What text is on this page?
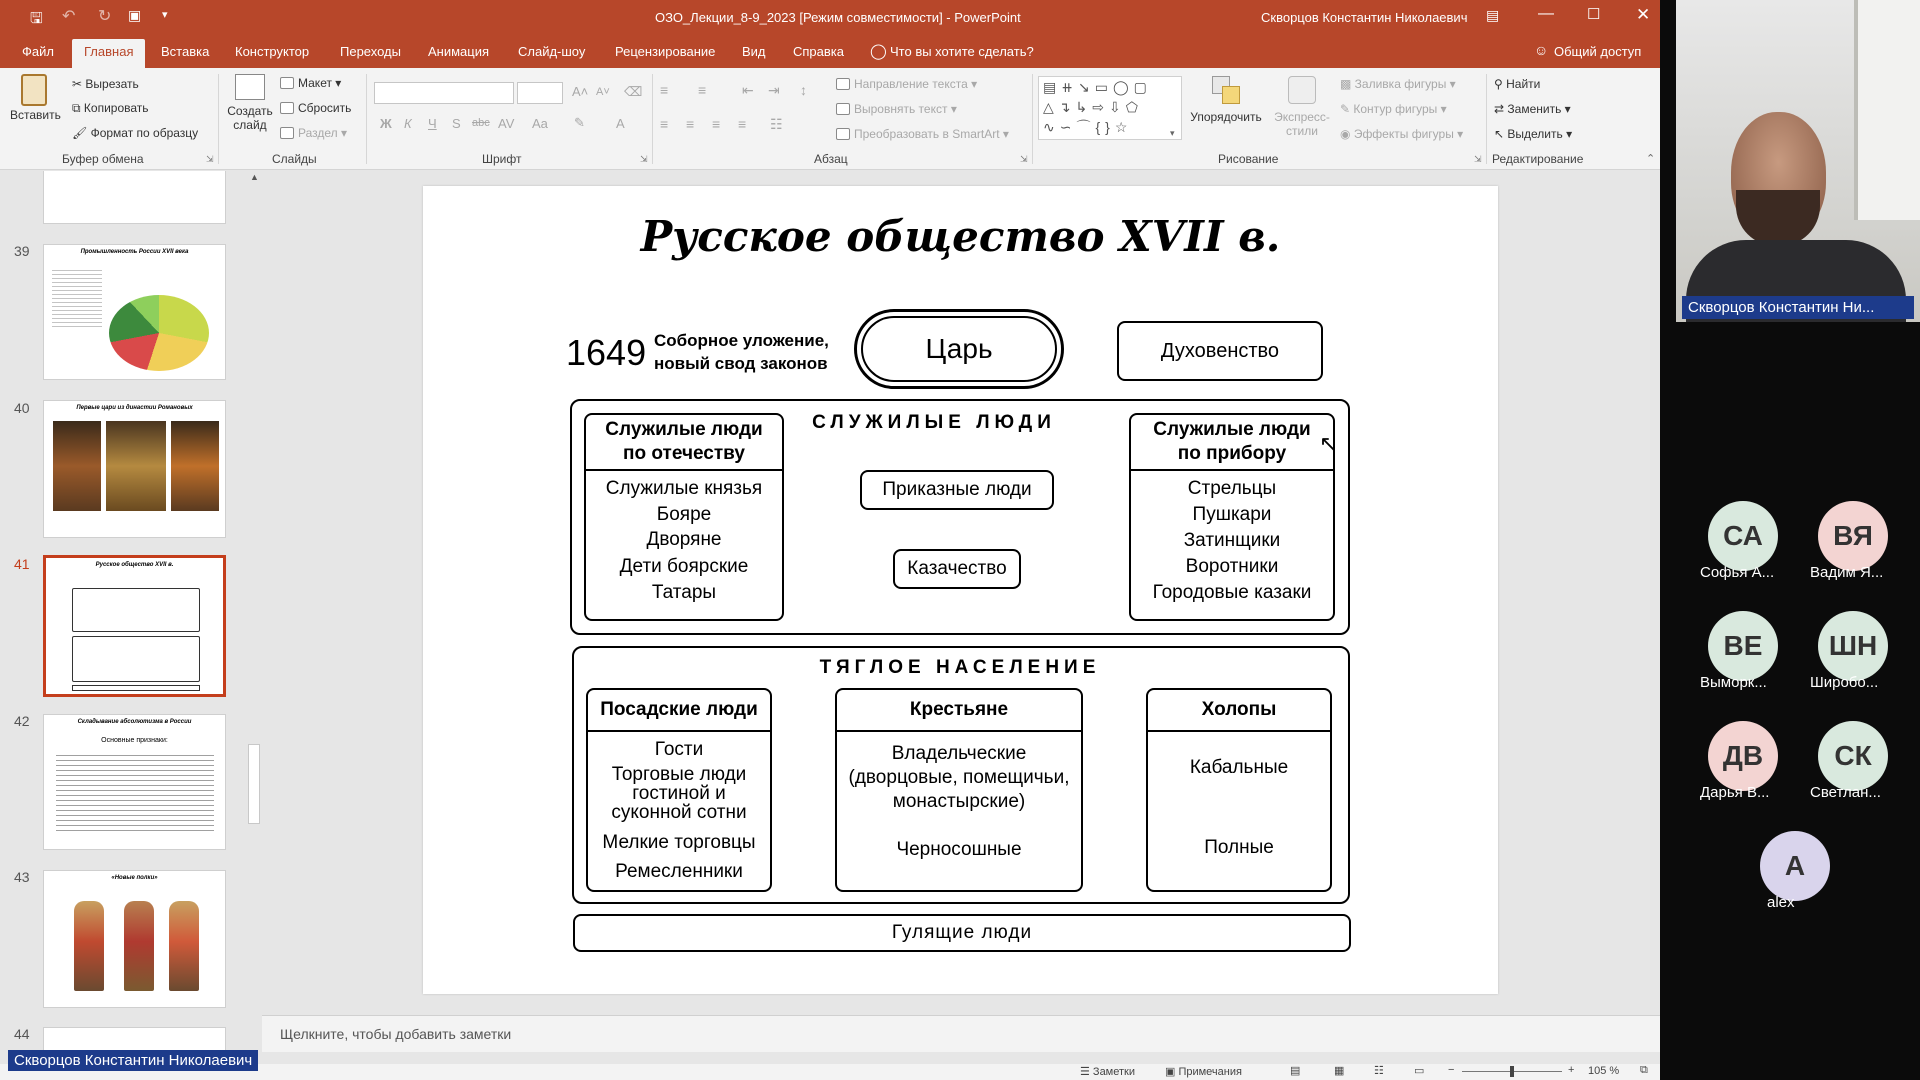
🖫 ↶ ↻ ▣ ▾	ОЗО_Лекции_8-9_2023 [Режим совместимости] - PowerPoint	Скворцов Константин Николаевич ▤ — ☐ ✕
Файл	Главная	Вставка Конструктор Переходы Анимация Слайд-шоу Рецензирование Вид Справка ◯ Что вы хотите сделать?	☺ Общий доступ
Вставить
✂ Вырезать
⧉ Копировать
🖌 Формат по образцу
Буфер обмена	⇲
Создать
слайд
Макет ▾
Сбросить
Раздел ▾
Слайды
A˄ A˅ ⌫
Ж К Ч S abc AV Aa ✎ A
Шрифт	⇲
≡ ≡	⇤ ⇥ ↕
≡ ≡ ≡ ≡ ☷
Направление текста ▾
Выровнять текст ▾
Преобразовать в SmartArt ▾
Абзац	⇲
▤⧺↘▭◯▢
△↴↳⇨⇩⬠
∿∽⌒{}☆	▾
Упорядочить	Экспресс-
стили
▩ Заливка фигуры ▾
✎ Контур фигуры ▾
◉ Эффекты фигуры ▾
Рисование	⇲
⚲ Найти
⇄ Заменить ▾
↖ Выделить ▾
Редактирование	⌃
39	Промышленность России XVII века
40	Первые цари из династии Романовых
41	Русское общество XVII в.
42	Складывание абсолютизма в России
Основные признаки:
43	«Новые полки»
44
▲
Русское общество XVII в.
1649 Соборное уложение,
новый свод законов	Царь	Духовенство
СЛУЖИЛЫЕ ЛЮДИ
Служилые люди
по отечеству
Служилые князья
Бояре
Дворяне
Дети боярские
Татары
Приказные люди
Казачество
Служилые люди
по прибору
Стрельцы
Пушкари
Затинщики
Воротники
Городовые казаки
↖
ТЯГЛОЕ НАСЕЛЕНИЕ
Посадские люди
Гости
Торговые люди
гостиной и
суконной сотни
Мелкие торговцы
Ремесленники
Крестьяне
Владельческие
(дворцовые, помещичьи,
монастырские)
Черносошные
Холопы
Кабальные
Полные
Гулящие люди
Щелкните, чтобы добавить заметки
☰ Заметки	▣ Примечания	▤	▦	☷	▭ −	+ 105 % ⧉
Скворцов Константин Николаевич
Скворцов Константин Ни...
СА
Софья А...
ВЯ
Вадим Я...
ВЕ
Выморк...
ШН
Широбо...
ДВ
Дарья В...
СК
Светлан...
A
alex
